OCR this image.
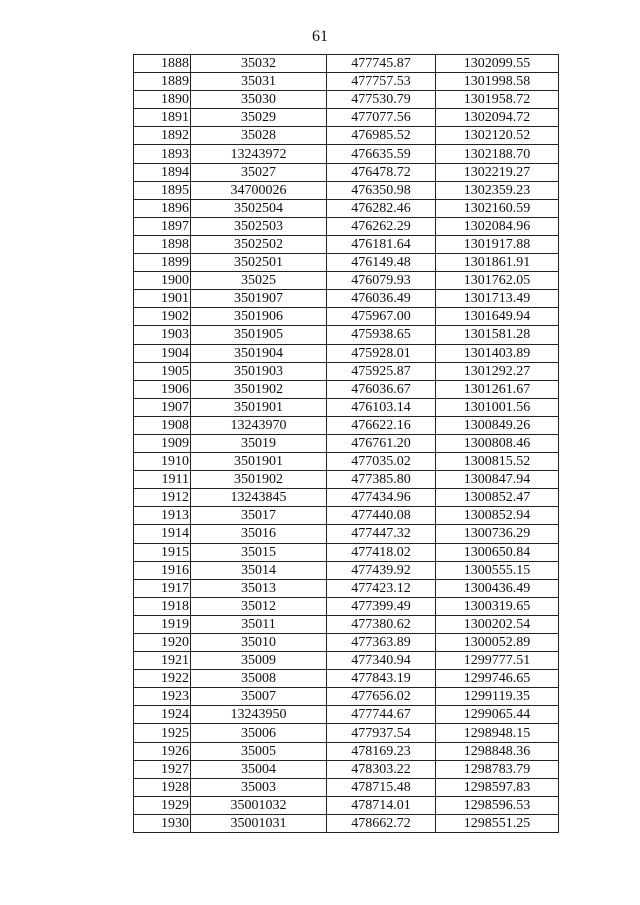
61
1888	35032	477745.87	1302099.55
1889	35031	477757.53	1301998.58
1890	35030	477530.79	1301958.72
1891	35029	477077.56	1302094.72
1892	35028	476985.52	1302120.52
1893	13243972	476635.59	1302188.70
1894	35027	476478.72	1302219.27
1895	34700026	476350.98	1302359.23
1896	3502504	476282.46	1302160.59
1897	3502503	476262.29	1302084.96
1898	3502502	476181.64	1301917.88
1899	3502501	476149.48	1301861.91
1900	35025	476079.93	1301762.05
1901	3501907	476036.49	1301713.49
1902	3501906	475967.00	1301649.94
1903	3501905	475938.65	1301581.28
1904	3501904	475928.01	1301403.89
1905	3501903	475925.87	1301292.27
1906	3501902	476036.67	1301261.67
1907	3501901	476103.14	1301001.56
1908	13243970	476622.16	1300849.26
1909	35019	476761.20	1300808.46
1910	3501901	477035.02	1300815.52
1911	3501902	477385.80	1300847.94
1912	13243845	477434.96	1300852.47
1913	35017	477440.08	1300852.94
1914	35016	477447.32	1300736.29
1915	35015	477418.02	1300650.84
1916	35014	477439.92	1300555.15
1917	35013	477423.12	1300436.49
1918	35012	477399.49	1300319.65
1919	35011	477380.62	1300202.54
1920	35010	477363.89	1300052.89
1921	35009	477340.94	1299777.51
1922	35008	477843.19	1299746.65
1923	35007	477656.02	1299119.35
1924	13243950	477744.67	1299065.44
1925	35006	477937.54	1298948.15
1926	35005	478169.23	1298848.36
1927	35004	478303.22	1298783.79
1928	35003	478715.48	1298597.83
1929	35001032	478714.01	1298596.53
1930	35001031	478662.72	1298551.25
